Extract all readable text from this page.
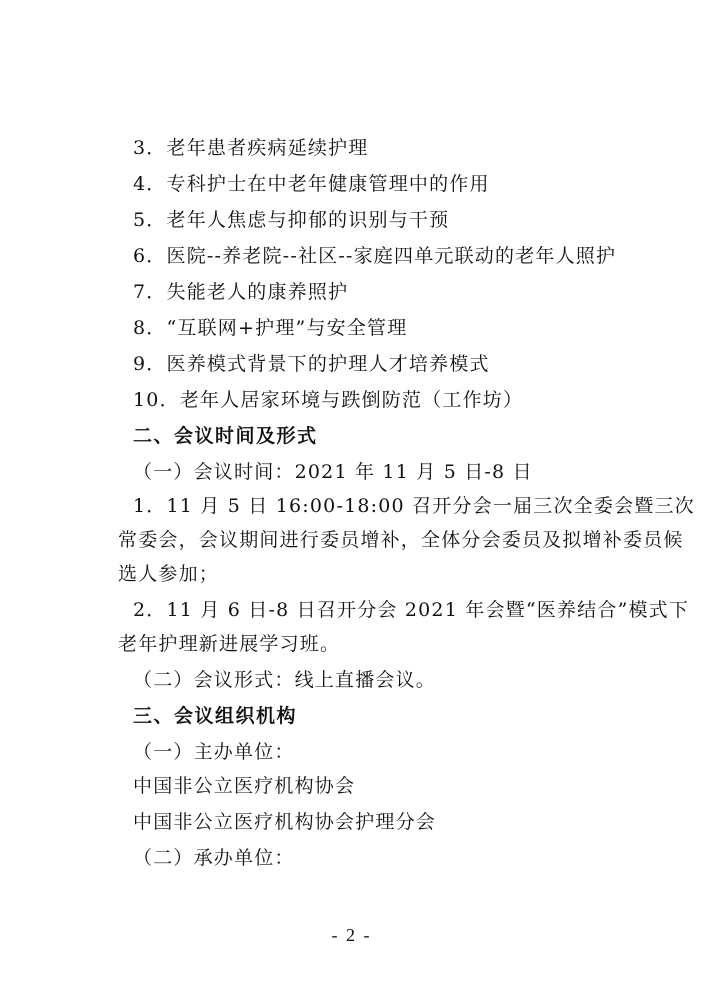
3．老年患者疾病延续护理
4．专科护士在中老年健康管理中的作用
5．老年人焦虑与抑郁的识别与干预
6．医院--养老院--社区--家庭四单元联动的老年人照护
7．失能老人的康养照护
8．“互联网+护理”与安全管理
9．医养模式背景下的护理人才培养模式
10．老年人居家环境与跌倒防范（工作坊）
二、会议时间及形式
（一）会议时间：2021 年 11 月 5 日-8 日
1．11 月 5 日 16:00-18:00 召开分会一届三次全委会暨三次
常委会，会议期间进行委员增补，全体分会委员及拟增补委员候
选人参加；
2．11 月 6 日-8 日召开分会 2021 年会暨“医养结合”模式下
老年护理新进展学习班。
（二）会议形式：线上直播会议。
三、会议组织机构
（一）主办单位：
中国非公立医疗机构协会
中国非公立医疗机构协会护理分会
（二）承办单位：
- 2 -
